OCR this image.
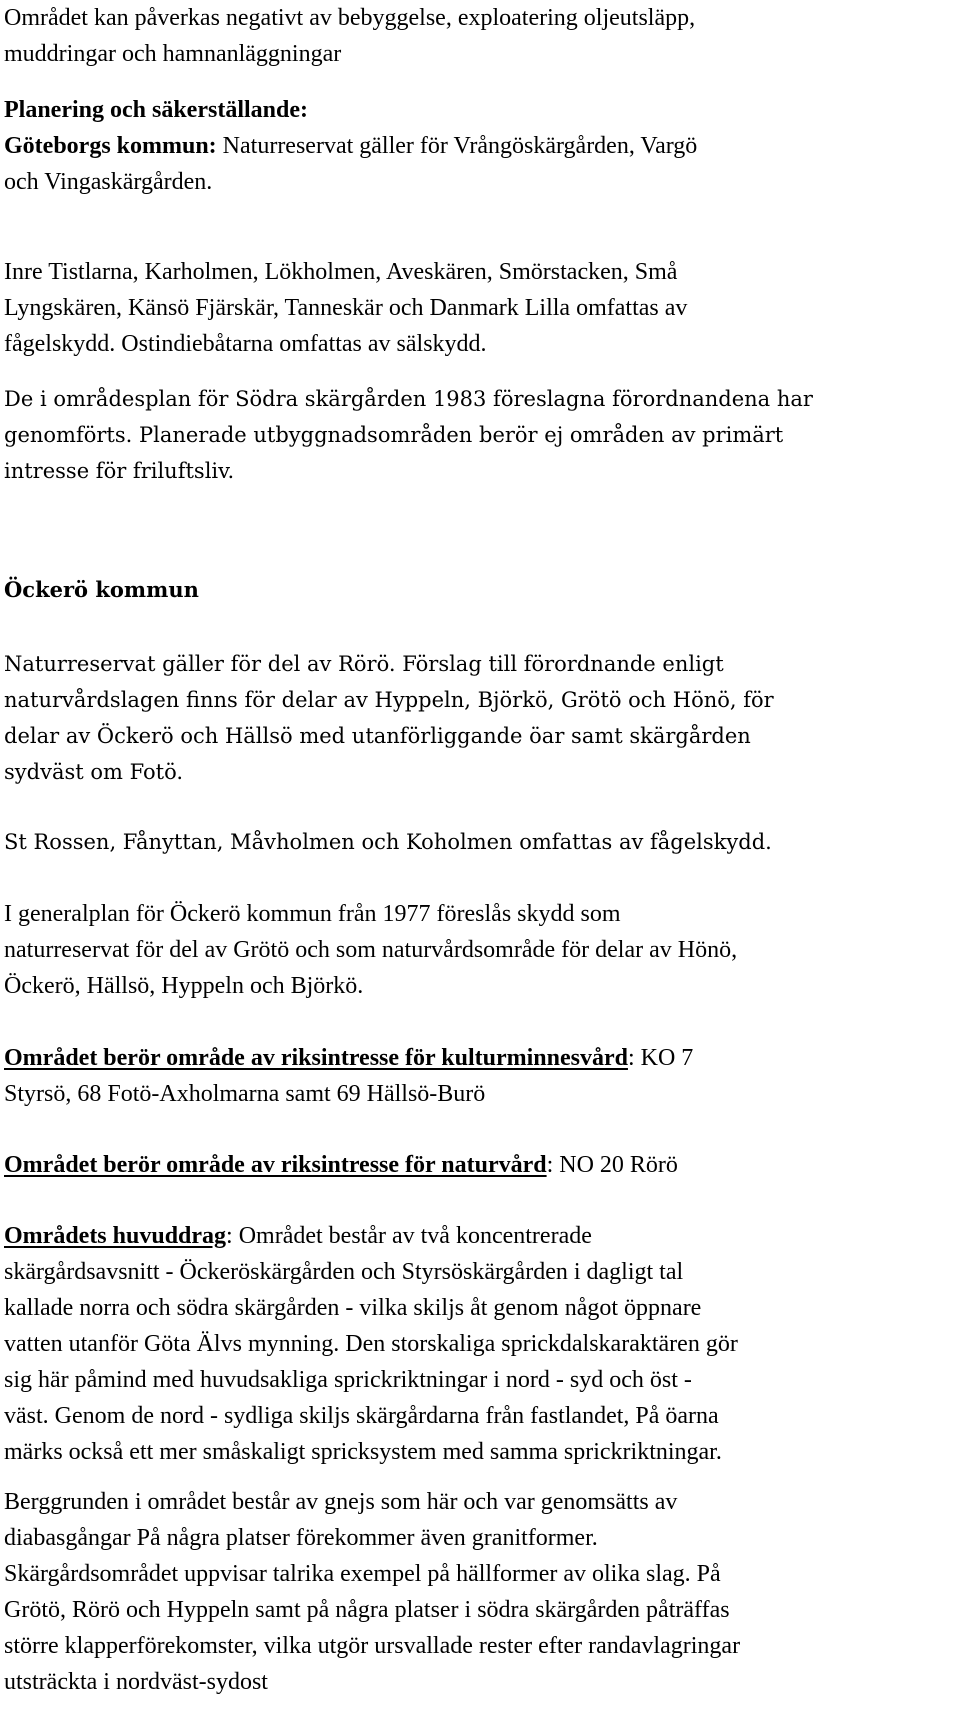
Området kan påverkas negativt av bebyggelse, exploatering oljeutsläpp,
muddringar och hamnanläggningar
Planering och säkerställande:
Göteborgs kommun: Naturreservat gäller för Vrångöskärgården, Vargö
och Vingaskärgården.
Inre Tistlarna, Karholmen, Lökholmen, Aveskären, Smörstacken, Små
Lyngskären, Känsö Fjärskär, Tanneskär och Danmark Lilla omfattas av
fågelskydd. Ostindiebåtarna omfattas av sälskydd.
De i områdesplan för Södra skärgården 1983 föreslagna förordnandena har
genomförts. Planerade utbyggnadsområden berör ej områden av primärt
intresse för friluftsliv.
Öckerö kommun
Naturreservat gäller för del av Rörö. Förslag till förordnande enligt
naturvårdslagen finns för delar av Hyppeln, Björkö, Grötö och Hönö, för
delar av Öckerö och Hällsö med utanförliggande öar samt skärgården
sydväst om Fotö.
St Rossen, Fånyttan, Måvholmen och Koholmen omfattas av fågelskydd.
I generalplan för Öckerö kommun från 1977 föreslås skydd som
naturreservat för del av Grötö och som naturvårdsområde för delar av Hönö,
Öckerö, Hällsö, Hyppeln och Björkö.
Området berör område av riksintresse för kulturminnesvård: KO 7
Styrsö, 68 Fotö-Axholmarna samt 69 Hällsö-Burö
Området berör område av riksintresse för naturvård: NO 20 Rörö
Områdets huvuddrag: Området består av två koncentrerade
skärgårdsavsnitt - Öckeröskärgården och Styrsöskärgården i dagligt tal
kallade norra och södra skärgården - vilka skiljs åt genom något öppnare
vatten utanför Göta Älvs mynning. Den storskaliga sprickdalskaraktären gör
sig här påmind med huvudsakliga sprickriktningar i nord - syd och öst -
väst. Genom de nord - sydliga skiljs skärgårdarna från fastlandet, På öarna
märks också ett mer småskaligt spricksystem med samma sprickriktningar.
Berggrunden i området består av gnejs som här och var genomsätts av
diabasgångar På några platser förekommer även granitformer.
Skärgårdsområdet uppvisar talrika exempel på hällformer av olika slag. På
Grötö, Rörö och Hyppeln samt på några platser i södra skärgården påträffas
större klapperförekomster, vilka utgör ursvallade rester efter randavlagringar
utsträckta i nordväst-sydost
